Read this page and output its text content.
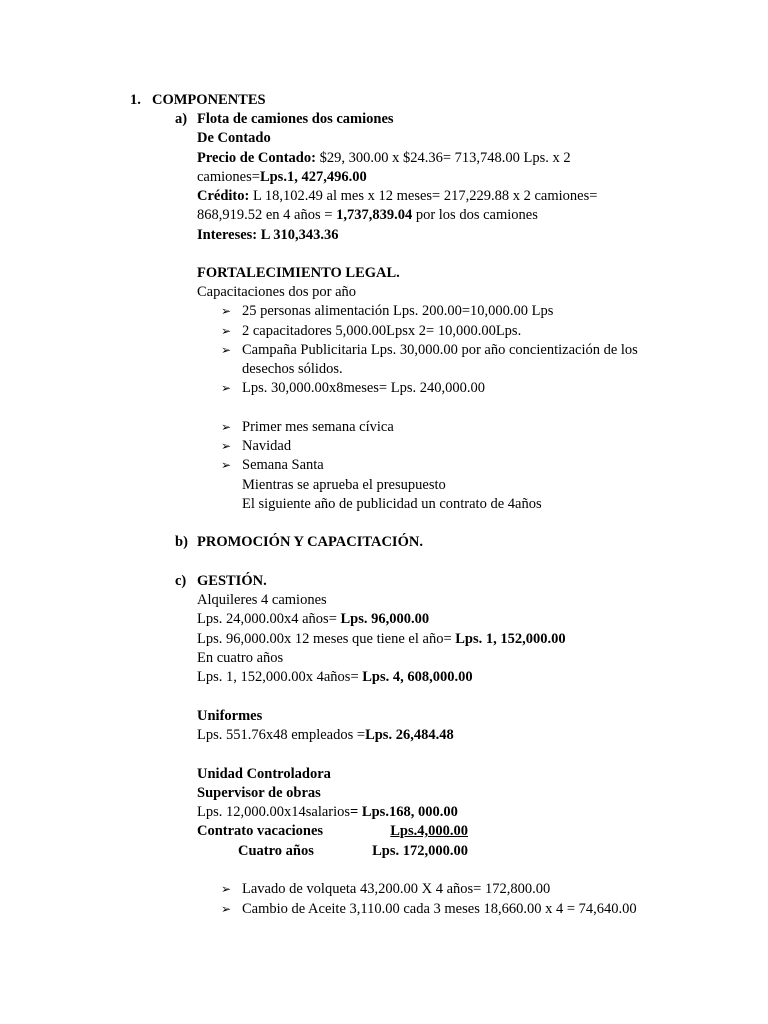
1. COMPONENTES
a) Flota de camiones dos camiones
De Contado
Precio de Contado: $29, 300.00 x $24.36= 713,748.00 Lps. x 2
camiones=Lps.1, 427,496.00
Crédito: L 18,102.49 al mes x 12 meses= 217,229.88 x 2 camiones=
868,919.52 en 4 años = 1,737,839.04 por los dos camiones
Intereses: L 310,343.36
FORTALECIMIENTO LEGAL.
Capacitaciones dos por año
➢ 25 personas alimentación Lps. 200.00=10,000.00 Lps
➢ 2 capacitadores 5,000.00Lpsx 2= 10,000.00Lps.
➢ Campaña Publicitaria Lps. 30,000.00 por año concientización de los
desechos sólidos.
➢ Lps. 30,000.00x8meses= Lps. 240,000.00
➢ Primer mes semana cívica
➢ Navidad
➢ Semana Santa
Mientras se aprueba el presupuesto
El siguiente año de publicidad un contrato de 4años
b) PROMOCIÓN Y CAPACITACIÓN.
c) GESTIÓN.
Alquileres 4 camiones
Lps. 24,000.00x4 años= Lps. 96,000.00
Lps. 96,000.00x 12 meses que tiene el año= Lps. 1, 152,000.00
En cuatro años
Lps. 1, 152,000.00x 4años= Lps. 4, 608,000.00
Uniformes
Lps. 551.76x48 empleados =Lps. 26,484.48
Unidad Controladora
Supervisor de obras
Lps. 12,000.00x14salarios= Lps.168, 000.00
Contrato vacaciones	Lps.4,000.00
Cuatro años	Lps. 172,000.00
➢ Lavado de volqueta 43,200.00 X 4 años= 172,800.00
➢ Cambio de Aceite 3,110.00 cada 3 meses 18,660.00 x 4 = 74,640.00
